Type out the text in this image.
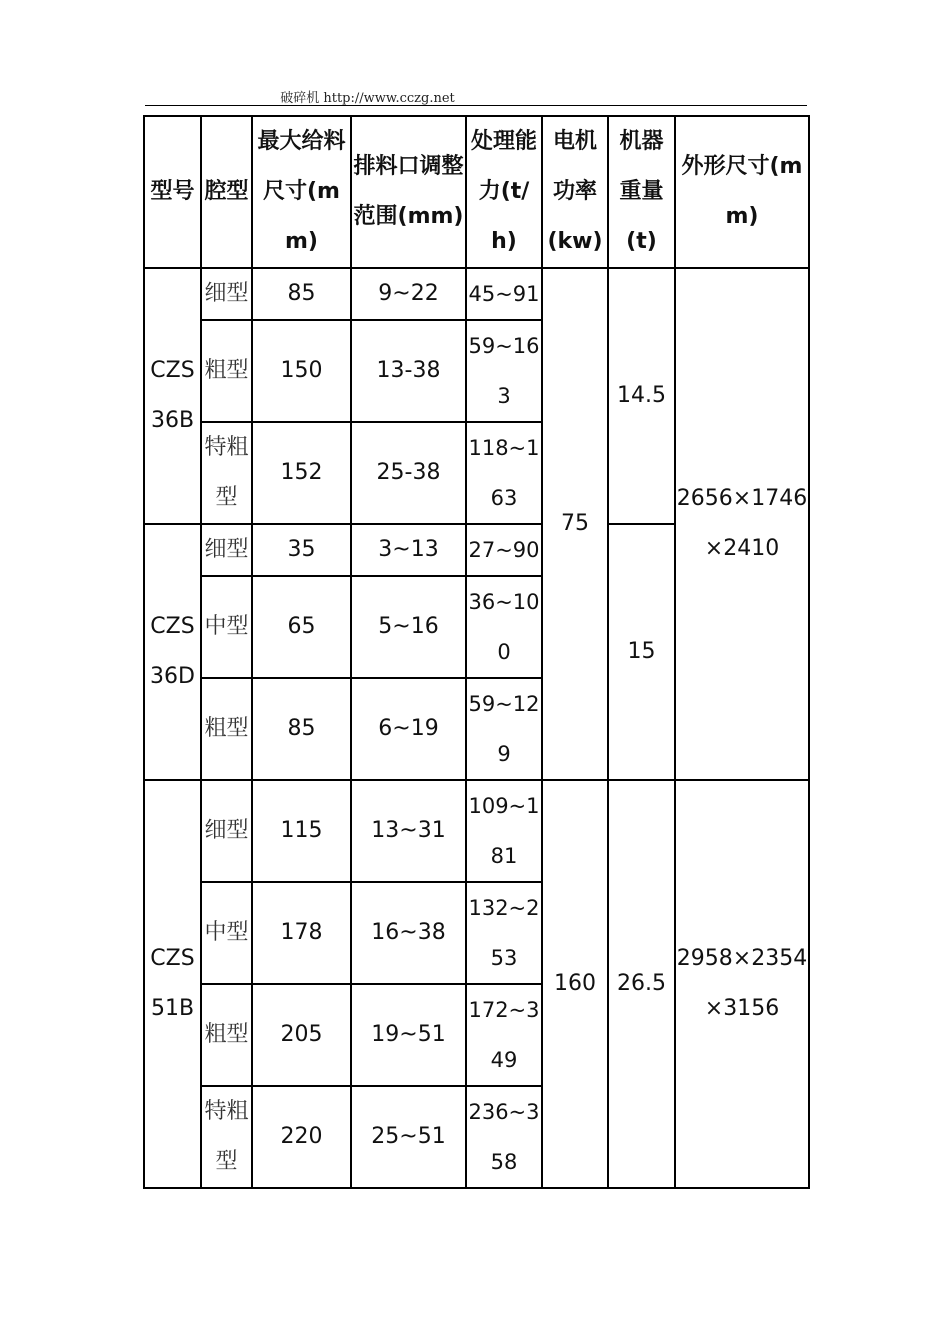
破碎机 http://www.cczg.net
型号	腔型	最大给料尺寸(mm)	排料口调整范围(mm)	处理能力(t/h)	电机功率(kw)	机器重量(t)	外形尺寸(mm)
CZS36B	细型	85	9~22	45~91	75	14.5	2656×1746×2410
	粗型	150	13-38	59~163			
	特粗型	152	25-38	118~163			
CZS36D	细型	35	3~13	27~90		15	
	中型	65	5~16	36~100			
	粗型	85	6~19	59~129			
CZS51B	细型	115	13~31	109~181	160	26.5	2958×2354×3156
	中型	178	16~38	132~253			
	粗型	205	19~51	172~349			
	特粗型	220	25~51	236~358			
